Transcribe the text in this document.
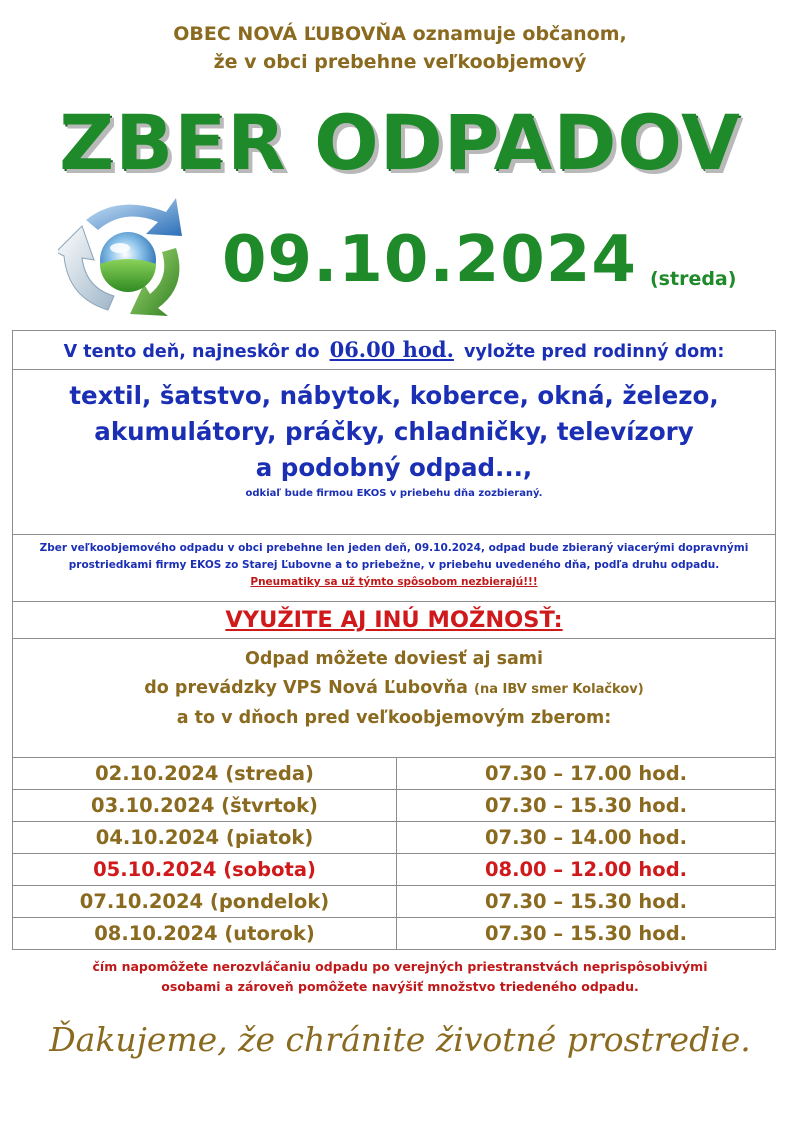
OBEC NOVÁ ĽUBOVŇA oznamuje občanom,
že v obci prebehne veľkoobjemový
ZBER ODPADOV
09.10.2024 (streda)
V tento deň, najneskôr do 06.00 hod. vyložte pred rodinný dom:
textil, šatstvo, nábytok, koberce, okná, železo,
akumulátory, práčky, chladničky, televízory
a podobný odpad...,
odkiaľ bude firmou EKOS v priebehu dňa zozbieraný.
Zber veľkoobjemového odpadu v obci prebehne len jeden deň, 09.10.2024, odpad bude zbieraný viacerými dopravnými
prostriedkami firmy EKOS zo Starej Ľubovne a to priebežne, v priebehu uvedeného dňa, podľa druhu odpadu.
Pneumatiky sa už týmto spôsobom nezbierajú!!!
VYUŽITE AJ INÚ MOŽNOSŤ:
Odpad môžete doviesť aj sami
do prevádzky VPS Nová Ľubovňa (na IBV smer Kolačkov)
a to v dňoch pred veľkoobjemovým zberom:
02.10.2024 (streda)	07.30 – 17.00 hod.
03.10.2024 (štvrtok)	07.30 – 15.30 hod.
04.10.2024 (piatok)	07.30 – 14.00 hod.
05.10.2024 (sobota)	08.00 – 12.00 hod.
07.10.2024 (pondelok)	07.30 – 15.30 hod.
08.10.2024 (utorok)	07.30 – 15.30 hod.
čím napomôžete nerozvláčaniu odpadu po verejných priestranstvách neprispôsobivými
osobami a zároveň pomôžete navýšiť množstvo triedeného odpadu.
Ďakujeme, že chránite životné prostredie.
